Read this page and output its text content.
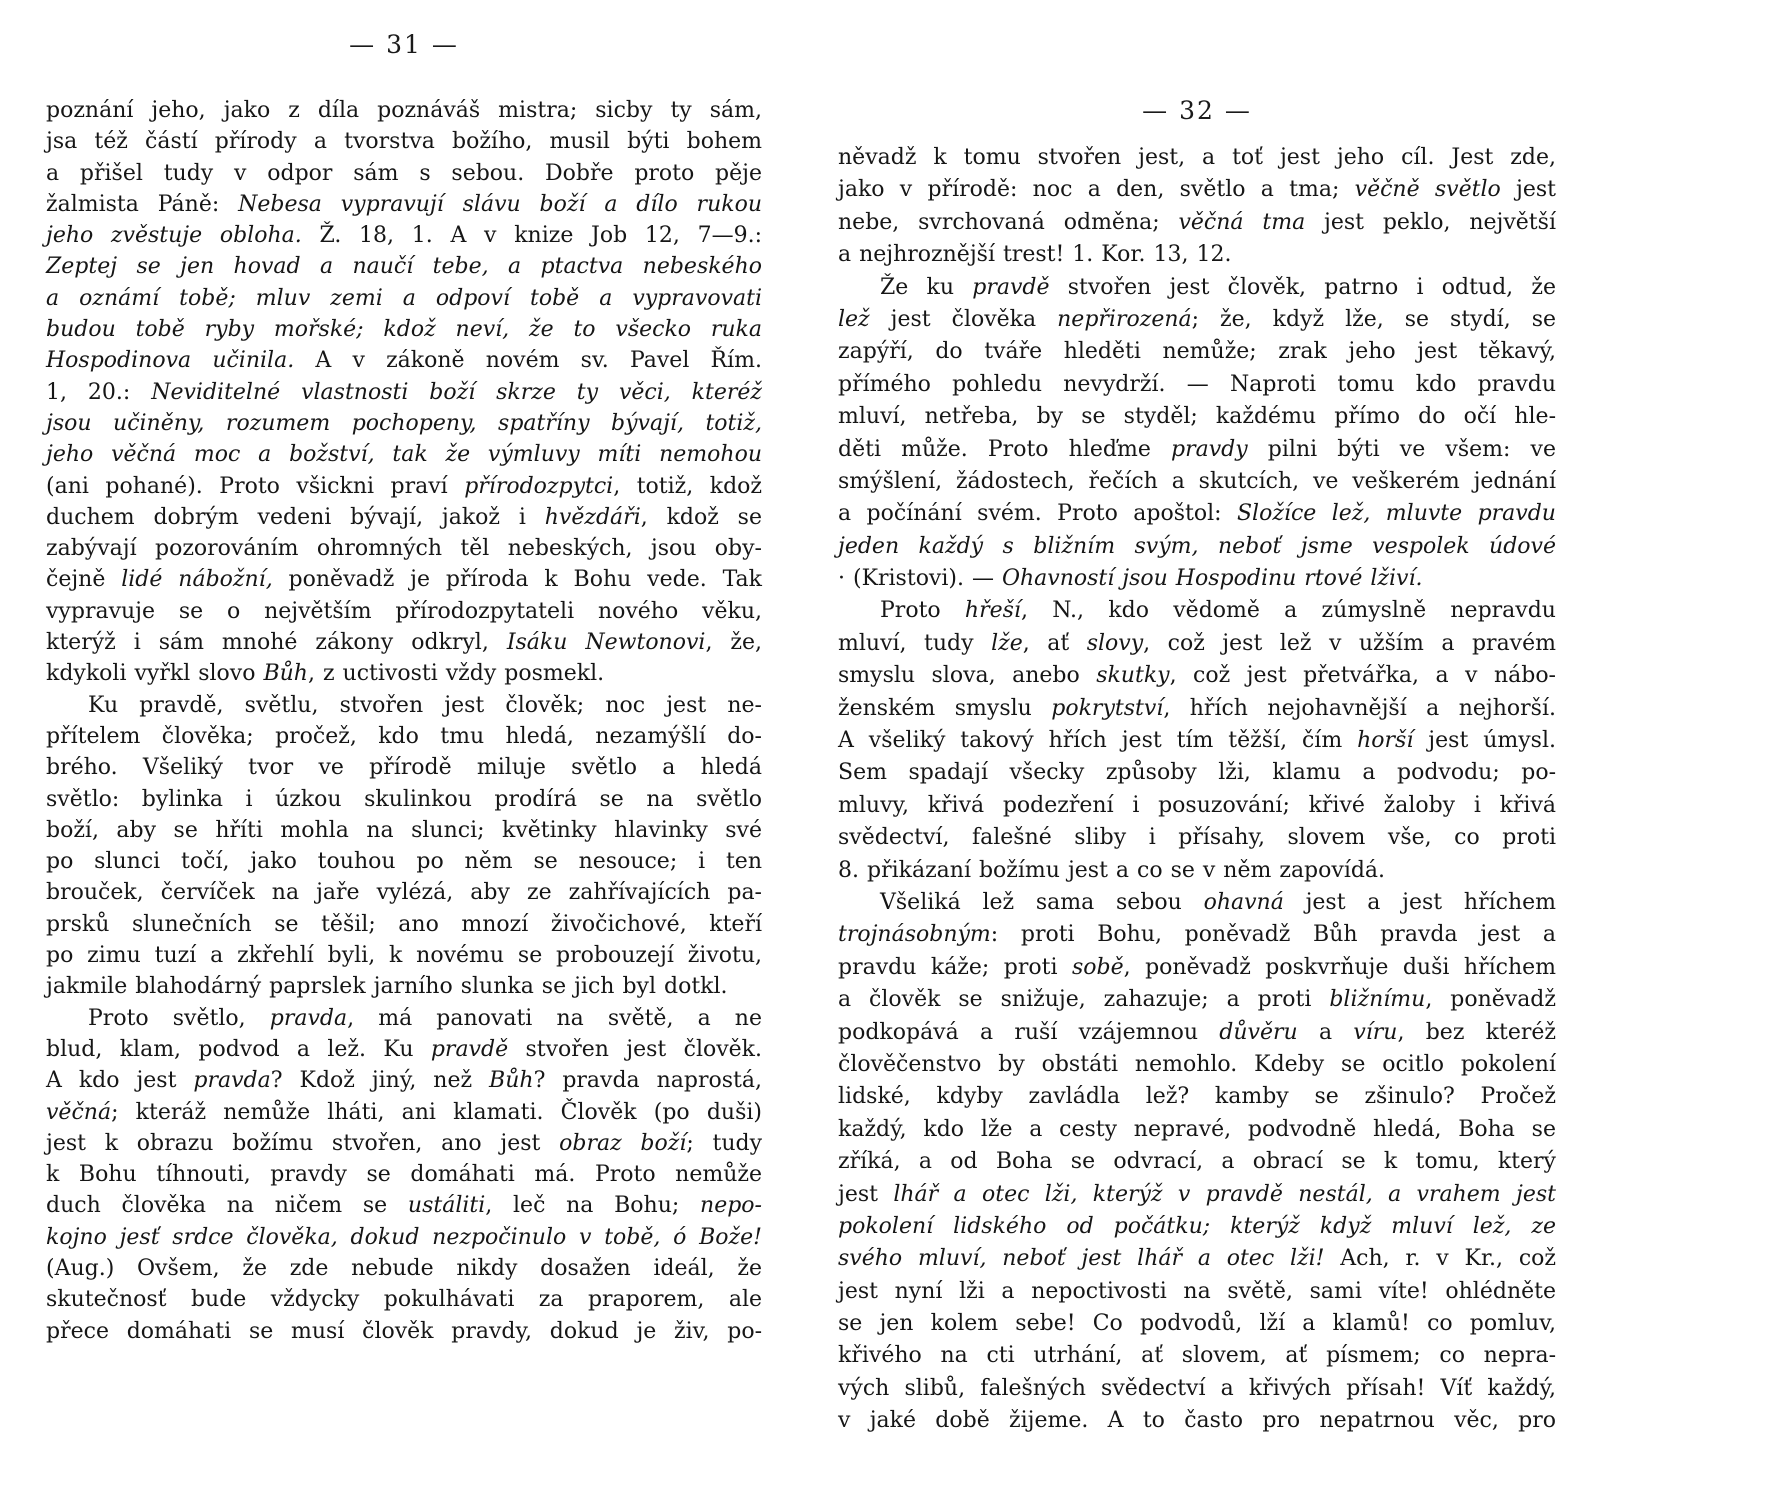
— 31 —
poznání jeho, jako z díla poznáváš mistra; sicby ty sám,
jsa též částí přírody a tvorstva božího, musil býti bohem
a přišel tudy v odpor sám s sebou. Dobře proto pěje
žalmista Páně: Nebesa vypravují slávu boží a dílo rukou
jeho zvěstuje obloha. Ž. 18, 1. A v knize Job 12, 7—9.:
Zeptej se jen hovad a naučí tebe, a ptactva nebeského
a oznámí tobě; mluv zemi a odpoví tobě a vypravovati
budou tobě ryby mořské; kdož neví, že to všecko ruka
Hospodinova učinila. A v zákoně novém sv. Pavel Řím.
1, 20.: Neviditelné vlastnosti boží skrze ty věci, kteréž
jsou učiněny, rozumem pochopeny, spatříny bývají, totiž,
jeho věčná moc a božství, tak že výmluvy míti nemohou
(ani pohané). Proto všickni praví přírodozpytci, totiž, kdož
duchem dobrým vedeni bývají, jakož i hvězdáři, kdož se
zabývají pozorováním ohromných těl nebeských, jsou oby-
čejně lidé nábožní, poněvadž je příroda k Bohu vede. Tak
vypravuje se o největším přírodozpytateli nového věku,
kterýž i sám mnohé zákony odkryl, Isáku Newtonovi, že,
kdykoli vyřkl slovo Bůh, z uctivosti vždy posmekl.
Ku pravdě, světlu, stvořen jest člověk; noc jest ne-
přítelem člověka; pročež, kdo tmu hledá, nezamýšlí do-
brého. Všeliký tvor ve přírodě miluje světlo a hledá
světlo: bylinka i úzkou skulinkou prodírá se na světlo
boží, aby se hříti mohla na slunci; květinky hlavinky své
po slunci točí, jako touhou po něm se nesouce; i ten
brouček, červíček na jaře vylézá, aby ze zahřívajících pa-
prsků slunečních se těšil; ano mnozí živočichové, kteří
po zimu tuzí a zkřehlí byli, k novému se probouzejí životu,
jakmile blahodárný paprslek jarního slunka se jich byl dotkl.
Proto světlo, pravda, má panovati na světě, a ne
blud, klam, podvod a lež. Ku pravdě stvořen jest člověk.
A kdo jest pravda? Kdož jiný, než Bůh? pravda naprostá,
věčná; kteráž nemůže lháti, ani klamati. Člověk (po duši)
jest k obrazu božímu stvořen, ano jest obraz boží; tudy
k Bohu tíhnouti, pravdy se domáhati má. Proto nemůže
duch člověka na ničem se ustáliti, leč na Bohu; nepo-
kojno jesť srdce člověka, dokud nezpočinulo v tobě, ó Bože!
(Aug.) Ovšem, že zde nebude nikdy dosažen ideál, že
skutečnosť bude vždycky pokulhávati za praporem, ale
přece domáhati se musí člověk pravdy, dokud je živ, po-
— 32 —
něvadž k tomu stvořen jest, a toť jest jeho cíl. Jest zde,
jako v přírodě: noc a den, světlo a tma; věčně světlo jest
nebe, svrchovaná odměna; věčná tma jest peklo, největší
a nejhroznější trest! 1. Kor. 13, 12.
Že ku pravdě stvořen jest člověk, patrno i odtud, že
lež jest člověka nepřirozená; že, když lže, se stydí, se
zapýří, do tváře hleděti nemůže; zrak jeho jest těkavý,
přímého pohledu nevydrží. — Naproti tomu kdo pravdu
mluví, netřeba, by se styděl; každému přímo do očí hle-
děti může. Proto hleďme pravdy pilni býti ve všem: ve
smýšlení, žádostech, řečích a skutcích, ve veškerém jednání
a počínání svém. Proto apoštol: Složíce lež, mluvte pravdu
jeden každý s bližním svým, neboť jsme vespolek údové
· (Kristovi). — Ohavností jsou Hospodinu rtové lživí.
Proto hřeší, N., kdo vědomě a zúmyslně nepravdu
mluví, tudy lže, ať slovy, což jest lež v užším a pravém
smyslu slova, anebo skutky, což jest přetvářka, a v nábo-
ženském smyslu pokrytství, hřích nejohavnější a nejhorší.
A všeliký takový hřích jest tím těžší, čím horší jest úmysl.
Sem spadají všecky způsoby lži, klamu a podvodu; po-
mluvy, křivá podezření i posuzování; křivé žaloby i křivá
svědectví, falešné sliby i přísahy, slovem vše, co proti
8. přikázaní božímu jest a co se v něm zapovídá.
Všeliká lež sama sebou ohavná jest a jest hříchem
trojnásobným: proti Bohu, poněvadž Bůh pravda jest a
pravdu káže; proti sobě, poněvadž poskvrňuje duši hříchem
a člověk se snižuje, zahazuje; a proti bližnímu, poněvadž
podkopává a ruší vzájemnou důvěru a víru, bez kteréž
člověčenstvo by obstáti nemohlo. Kdeby se ocitlo pokolení
lidské, kdyby zavládla lež? kamby se zšinulo? Pročež
každý, kdo lže a cesty nepravé, podvodně hledá, Boha se
zříká, a od Boha se odvrací, a obrací se k tomu, který
jest lhář a otec lži, kterýž v pravdě nestál, a vrahem jest
pokolení lidského od počátku; kterýž když mluví lež, ze
svého mluví, neboť jest lhář a otec lži! Ach, r. v Kr., což
jest nyní lži a nepoctivosti na světě, sami víte! ohlédněte
se jen kolem sebe! Co podvodů, lží a klamů! co pomluv,
křivého na cti utrhání, ať slovem, ať písmem; co nepra-
vých slibů, falešných svědectví a křivých přísah! Víť každý,
v jaké době žijeme. A to často pro nepatrnou věc, pro
